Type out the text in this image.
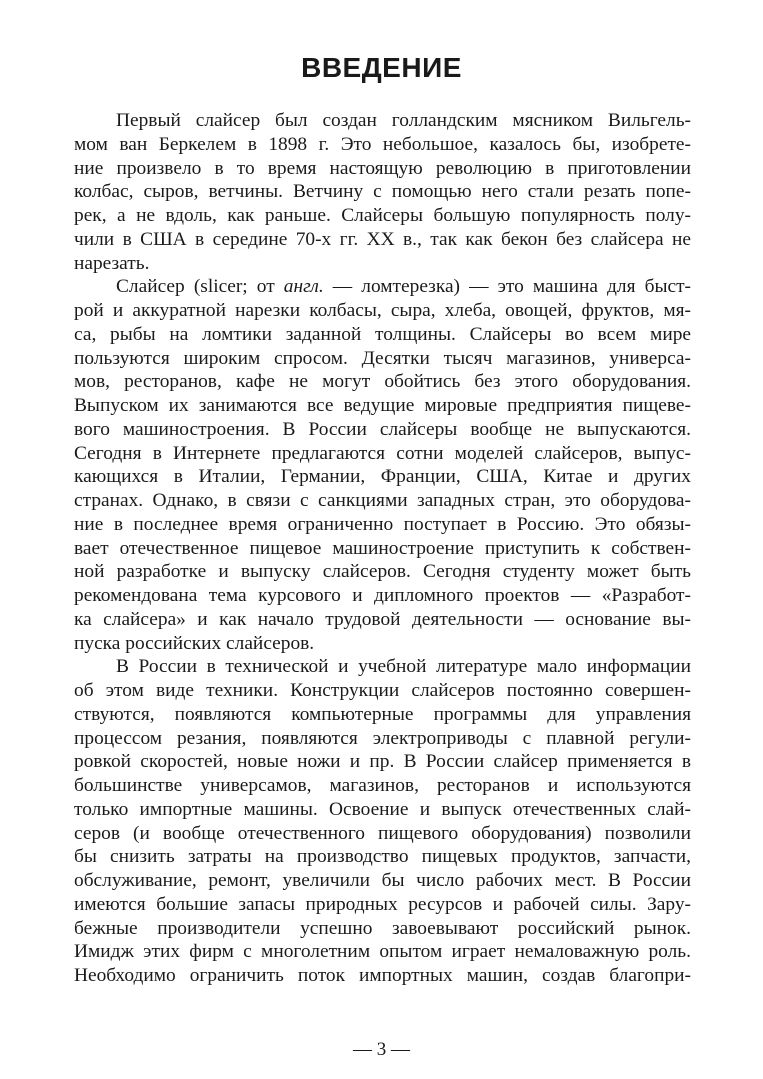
ВВЕДЕНИЕ
Первый слайсер был создан голландским мясником Вильгель-
мом ван Беркелем в 1898 г. Это небольшое, казалось бы, изобрете-
ние произвело в то время настоящую революцию в приготовлении
колбас, сыров, ветчины. Ветчину с помощью него стали резать попе-
рек, а не вдоль, как раньше. Слайсеры большую популярность полу-
чили в США в середине 70-х гг. XX в., так как бекон без слайсера не
нарезать.
Слайсер (slicer; от англ. — ломтерезка) — это машина для быст-
рой и аккуратной нарезки колбасы, сыра, хлеба, овощей, фруктов, мя-
са, рыбы на ломтики заданной толщины. Слайсеры во всем мире
пользуются широким спросом. Десятки тысяч магазинов, универса-
мов, ресторанов, кафе не могут обойтись без этого оборудования.
Выпуском их занимаются все ведущие мировые предприятия пищеве-
вого машиностроения. В России слайсеры вообще не выпускаются.
Сегодня в Интернете предлагаются сотни моделей слайсеров, выпус-
кающихся в Италии, Германии, Франции, США, Китае и других
странах. Однако, в связи с санкциями западных стран, это оборудова-
ние в последнее время ограниченно поступает в Россию. Это обязы-
вает отечественное пищевое машиностроение приступить к собствен-
ной разработке и выпуску слайсеров. Сегодня студенту может быть
рекомендована тема курсового и дипломного проектов — «Разработ-
ка слайсера» и как начало трудовой деятельности — основание вы-
пуска российских слайсеров.
В России в технической и учебной литературе мало информации
об этом виде техники. Конструкции слайсеров постоянно совершен-
ствуются, появляются компьютерные программы для управления
процессом резания, появляются электроприводы с плавной регули-
ровкой скоростей, новые ножи и пр. В России слайсер применяется в
большинстве универсамов, магазинов, ресторанов и используются
только импортные машины. Освоение и выпуск отечественных слай-
серов (и вообще отечественного пищевого оборудования) позволили
бы снизить затраты на производство пищевых продуктов, запчасти,
обслуживание, ремонт, увеличили бы число рабочих мест. В России
имеются большие запасы природных ресурсов и рабочей силы. Зару-
бежные производители успешно завоевывают российский рынок.
Имидж этих фирм с многолетним опытом играет немаловажную роль.
Необходимо ограничить поток импортных машин, создав благопри-
— 3 —
